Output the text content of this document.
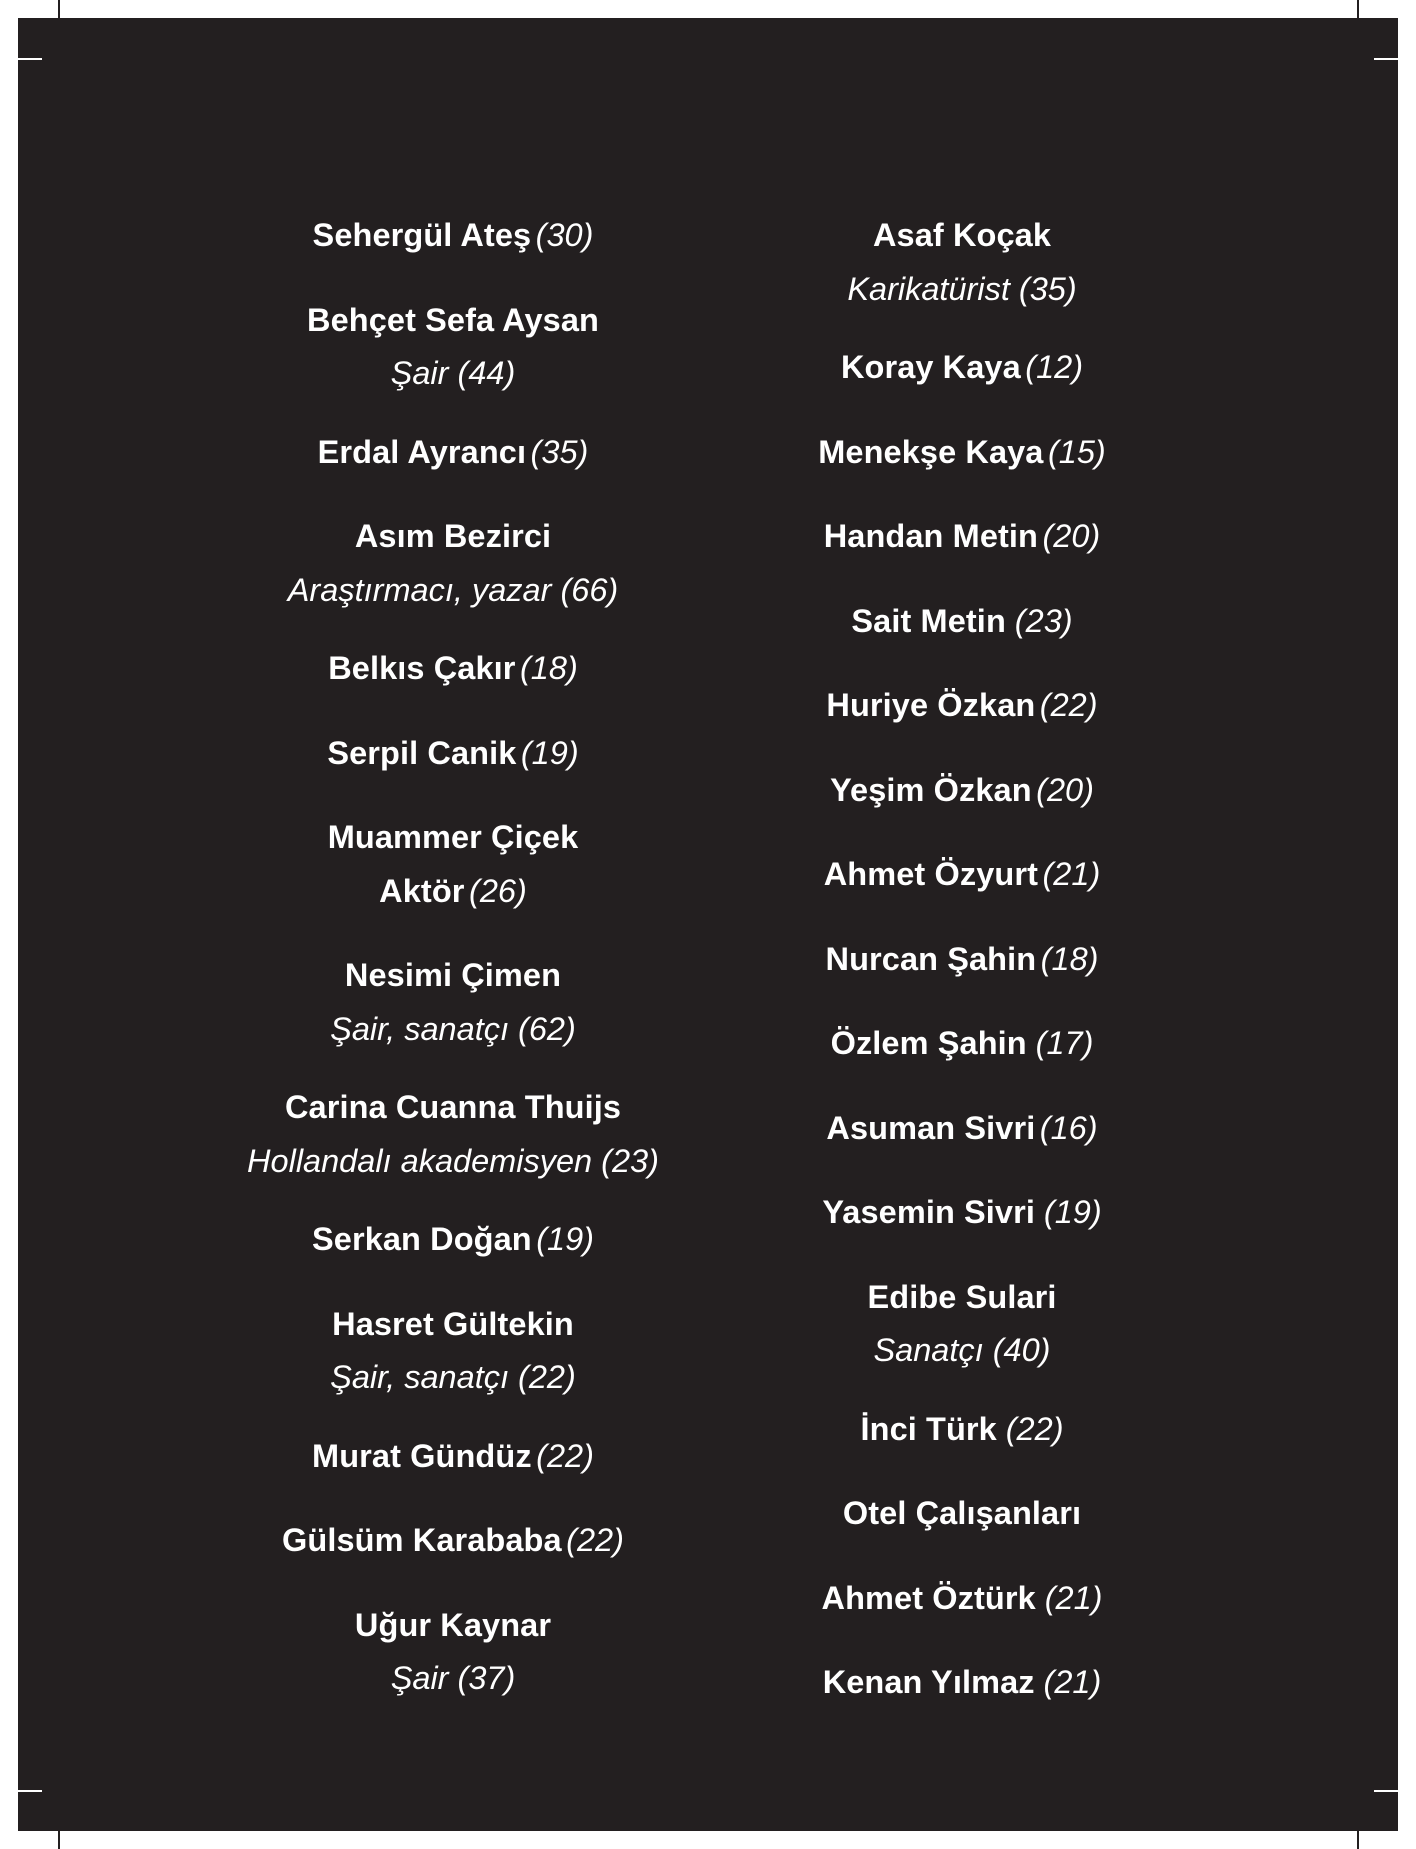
Sehergül Ateş (30)
Behçet Sefa Aysan
Şair (44)
Erdal Ayrancı (35)
Asım Bezirci
Araştırmacı, yazar (66)
Belkıs Çakır (18)
Serpil Canik (19)
Muammer Çiçek
Aktör (26)
Nesimi Çimen
Şair, sanatçı (62)
Carina Cuanna Thuijs
Hollandalı akademisyen (23)
Serkan Doğan (19)
Hasret Gültekin
Şair, sanatçı (22)
Murat Gündüz (22)
Gülsüm Karababa (22)
Uğur Kaynar
Şair (37)
Asaf Koçak
Karikatürist (35)
Koray Kaya (12)
Menekşe Kaya (15)
Handan Metin (20)
Sait Metin (23)
Huriye Özkan (22)
Yeşim Özkan (20)
Ahmet Özyurt (21)
Nurcan Şahin (18)
Özlem Şahin (17)
Asuman Sivri (16)
Yasemin Sivri (19)
Edibe Sulari
Sanatçı (40)
İnci Türk (22)
Otel Çalışanları
Ahmet Öztürk (21)
Kenan Yılmaz (21)
